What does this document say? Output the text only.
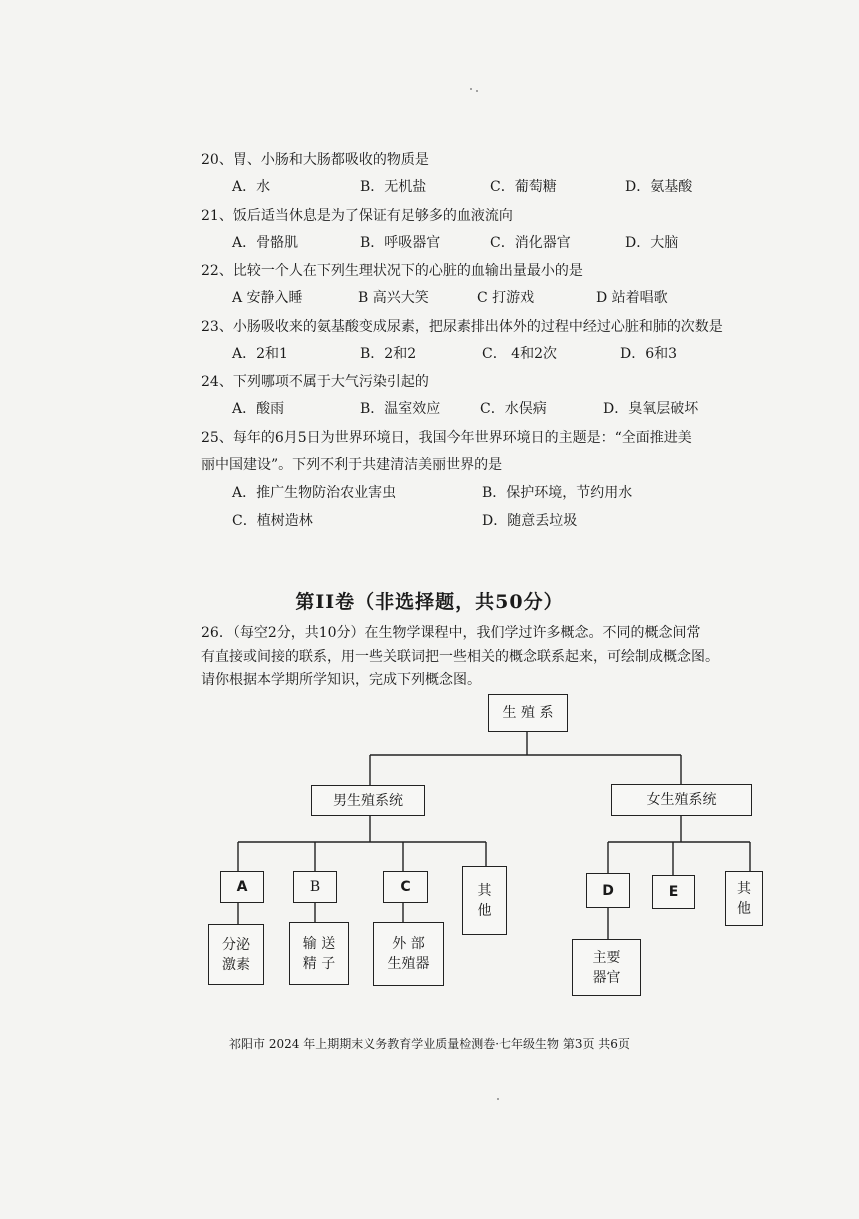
20、胃、小肠和大肠都吸收的物质是
A．水	B．无机盐	C．葡萄糖	D．氨基酸
21、饭后适当休息是为了保证有足够多的血液流向
A．骨骼肌	B．呼吸器官	C．消化器官	D．大脑
22、比较一个人在下列生理状况下的心脏的血输出量最小的是
A 安静入睡	B 高兴大笑	C 打游戏	D 站着唱歌
23、小肠吸收来的氨基酸变成尿素，把尿素排出体外的过程中经过心脏和肺的次数是
A．2和1	B．2和2	C． 4和2次	D．6和3
24、下列哪项不属于大气污染引起的
A．酸雨	B．温室效应	C．水俣病	D．臭氧层破坏
25、每年的6月5日为世界环境日，我国今年世界环境日的主题是：“全面推进美
丽中国建设”。下列不利于共建清洁美丽世界的是
A．推广生物防治农业害虫	B．保护环境，节约用水
C．植树造林	D．随意丢垃圾
第II卷（非选择题，共50分）
26．（每空2分，共10分）在生物学课程中，我们学过许多概念。不同的概念间常
有直接或间接的联系，用一些关联词把一些相关的概念联系起来，可绘制成概念图。
请你根据本学期所学知识，完成下列概念图。
生 殖 系
男生殖系统	女生殖系统
A	B	C	其
他
分泌
激素
输 送
精 子
外 部
生殖器
D	E	其
他
主要
器官
祁阳市 2024 年上期期末义务教育学业质量检测卷·七年级生物 第3页 共6页
